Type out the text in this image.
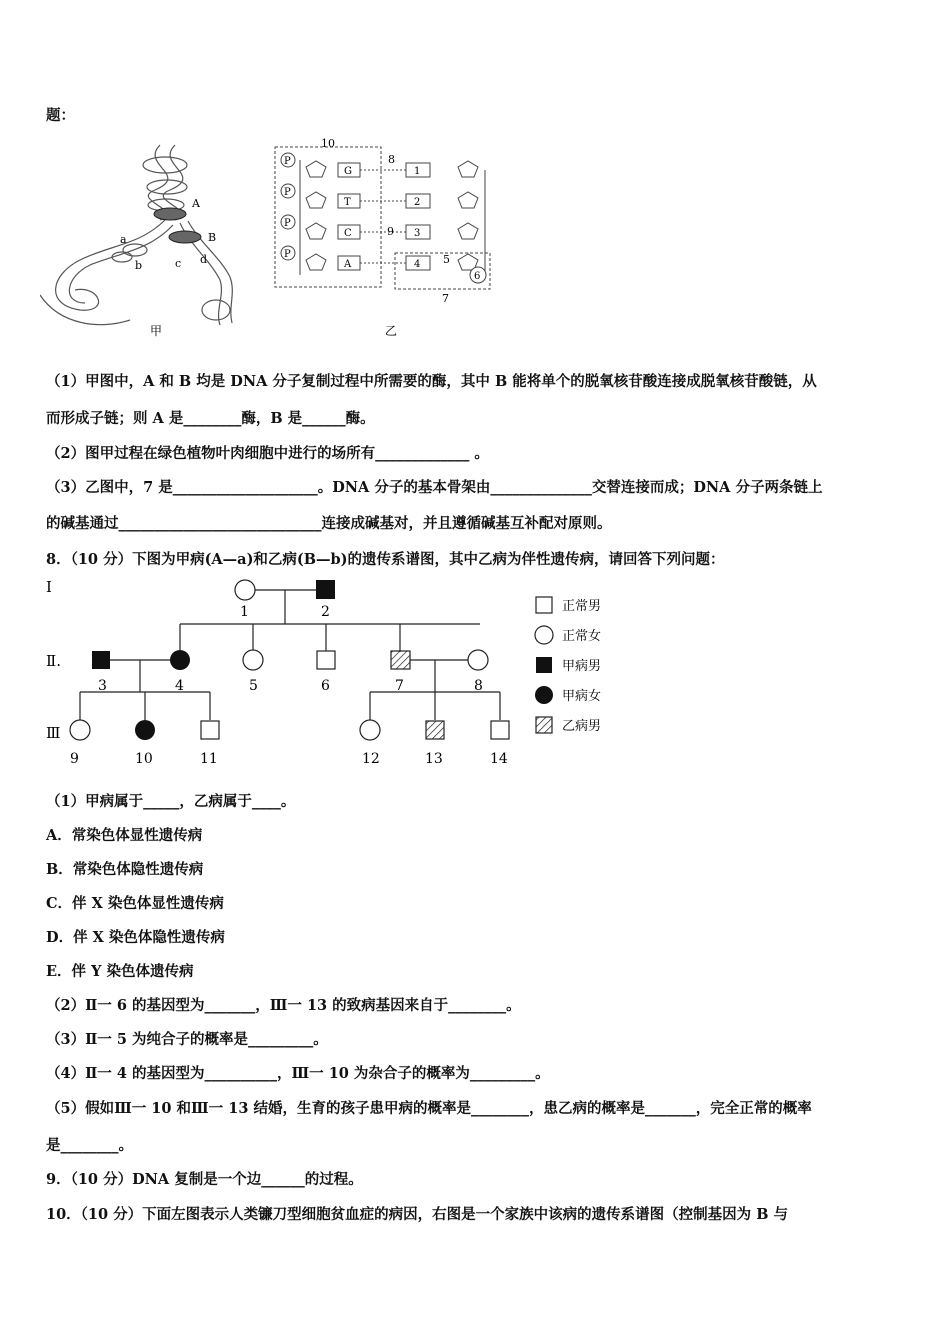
题：
A
B
a
b	c d
甲
P
P
P
P
G
T
C
A
1
2
3
4
10
8
9
5
6
7
乙
（1）甲图中，A 和 B 均是 DNA 分子复制过程中所需要的酶，其中 B 能将单个的脱氧核苷酸连接成脱氧核苷酸链，从
而形成子链；则 A 是________酶，B 是______酶。
（2）图甲过程在绿色植物叶肉细胞中进行的场所有_____________ 。
（3）乙图中，7 是____________________。DNA 分子的基本骨架由______________交替连接而成；DNA 分子两条链上
的碱基通过____________________________连接成碱基对，并且遵循碱基互补配对原则。
8．（10 分）下图为甲病(A—a)和乙病(B—b)的遗传系谱图，其中乙病为伴性遗传病，请回答下列问题：
Ⅰ
Ⅱ.
Ⅲ
1	2
3	4	5	6	7	8
9	10	11	12	13	14
正常男
正常女
甲病男
甲病女
乙病男
（1）甲病属于_____，乙病属于____。
A．常染色体显性遗传病
B．常染色体隐性遗传病
C．伴 X 染色体显性遗传病
D．伴 X 染色体隐性遗传病
E．伴 Y 染色体遗传病
（2）Ⅱ一 6 的基因型为_______，Ⅲ一 13 的致病基因来自于________。
（3）Ⅱ一 5 为纯合子的概率是_________。
（4）Ⅱ一 4 的基因型为__________，Ⅲ一 10 为杂合子的概率为_________。
（5）假如Ⅲ一 10 和Ⅲ一 13 结婚，生育的孩子患甲病的概率是________，患乙病的概率是_______，完全正常的概率
是________。
9．（10 分）DNA 复制是一个边______的过程。
10．（10 分）下面左图表示人类镰刀型细胞贫血症的病因，右图是一个家族中该病的遗传系谱图（控制基因为 B 与
